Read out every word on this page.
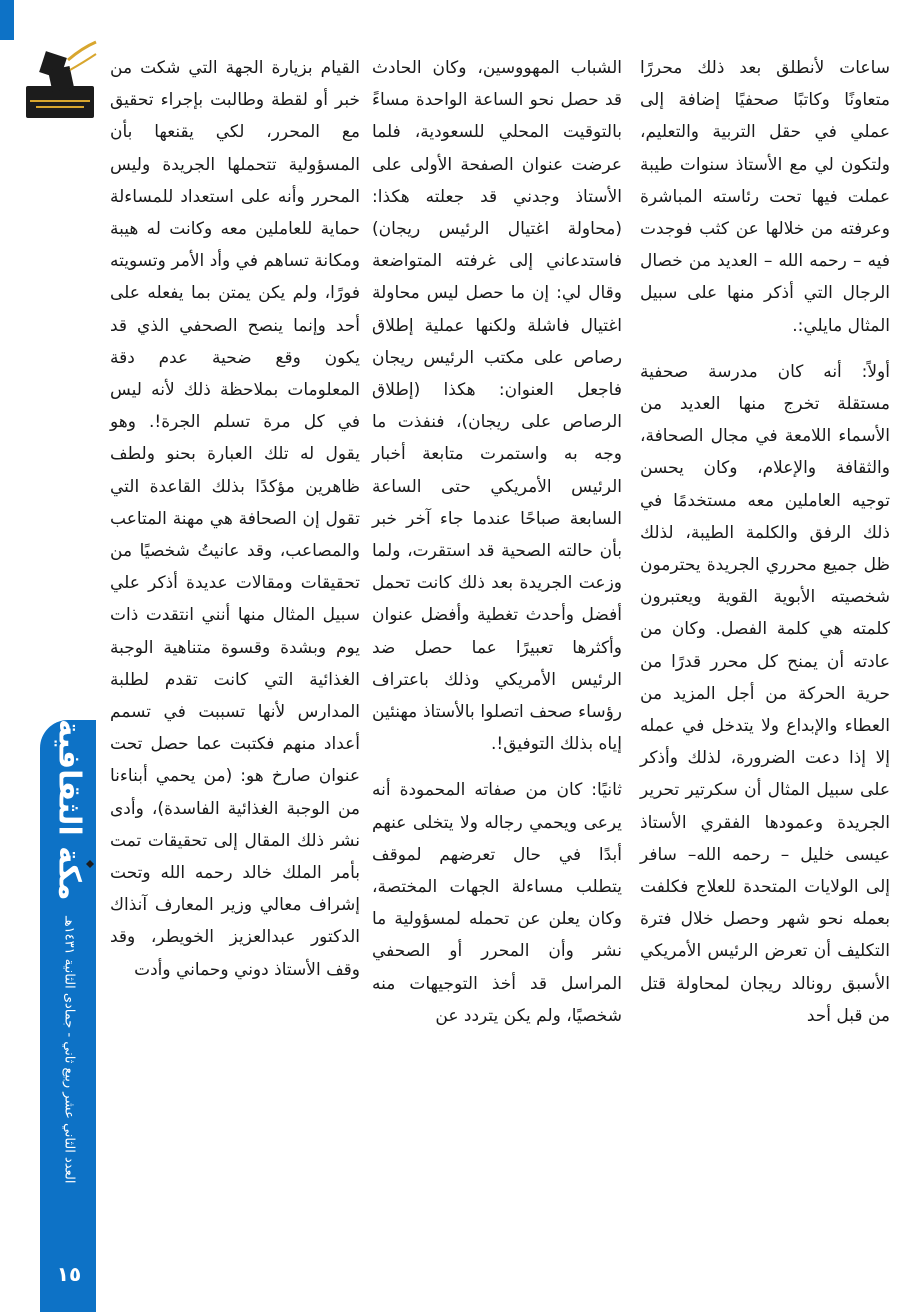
مكة الثقافية
العدد الثاني عشر ربيع ثاني - جمادى الثانية ١٤٣١هـ
١٥

ساعات لأنطلق بعد ذلك محررًا متعاونًا وكاتبًا صحفيًا إضافة إلى عملي في حقل التربية والتعليم، ولتكون لي مع الأستاذ سنوات طيبة عملت فيها تحت رئاسته المباشرة وعرفته من خلالها عن كثب فوجدت فيه – رحمه الله – العديد من خصال الرجال التي أذكر منها على سبيل المثال مايلي:.

أولاً: أنه كان مدرسة صحفية مستقلة تخرج منها العديد من الأسماء اللامعة في مجال الصحافة، والثقافة والإعلام، وكان يحسن توجيه العاملين معه مستخدمًا في ذلك الرفق والكلمة الطيبة، لذلك ظل جميع محرري الجريدة يحترمون شخصيته الأبوية القوية ويعتبرون كلمته هي كلمة الفصل. وكان من عادته أن يمنح كل محرر قدرًا من حرية الحركة من أجل المزيد من العطاء والإبداع ولا يتدخل في عمله إلا إذا دعت الضرورة، لذلك وأذكر على سبيل المثال أن سكرتير تحرير الجريدة وعمودها الفقري الأستاذ عيسى خليل – رحمه الله– سافر إلى الولايات المتحدة للعلاج فكلفت بعمله نحو شهر وحصل خلال فترة التكليف أن تعرض الرئيس الأمريكي الأسبق رونالد ريجان لمحاولة قتل من قبل أحد

الشباب المهووسين، وكان الحادث قد حصل نحو الساعة الواحدة مساءً بالتوقيت المحلي للسعودية، فلما عرضت عنوان الصفحة الأولى على الأستاذ وجدني قد جعلته هكذا: (محاولة اغتيال الرئيس ريجان) فاستدعاني إلى غرفته المتواضعة وقال لي: إن ما حصل ليس محاولة اغتيال فاشلة ولكنها عملية إطلاق رصاص على مكتب الرئيس ريجان فاجعل العنوان: هكذا (إطلاق الرصاص على ريجان)، فنفذت ما وجه به واستمرت متابعة أخبار الرئيس الأمريكي حتى الساعة السابعة صباحًا عندما جاء آخر خبر بأن حالته الصحية قد استقرت، ولما وزعت الجريدة بعد ذلك كانت تحمل أفضل وأحدث تغطية وأفضل عنوان وأكثرها تعبيرًا عما حصل ضد الرئيس الأمريكي وذلك باعتراف رؤساء صحف اتصلوا بالأستاذ مهنئين إياه بذلك التوفيق!.

ثانيًا: كان من صفاته المحمودة أنه يرعى ويحمي رجاله ولا يتخلى عنهم أبدًا في حال تعرضهم لموقف يتطلب مساءلة الجهات المختصة، وكان يعلن عن تحمله لمسؤولية ما نشر وأن المحرر أو الصحفي المراسل قد أخذ التوجيهات منه شخصيًا، ولم يكن يتردد عن

القيام بزيارة الجهة التي شكت من خبر أو لقطة وطالبت بإجراء تحقيق مع المحرر، لكي يقنعها بأن المسؤولية تتحملها الجريدة وليس المحرر وأنه على استعداد للمساءلة حماية للعاملين معه وكانت له هيبة ومكانة تساهم في وأد الأمر وتسويته فورًا، ولم يكن يمتن بما يفعله على أحد وإنما ينصح الصحفي الذي قد يكون وقع ضحية عدم دقة المعلومات بملاحظة ذلك لأنه ليس في كل مرة تسلم الجرة!. وهو يقول له تلك العبارة بحنو ولطف ظاهرين مؤكدًا بذلك القاعدة التي تقول إن الصحافة هي مهنة المتاعب والمصاعب، وقد عانيتُ شخصيًا من تحقيقات ومقالات عديدة أذكر علي سبيل المثال منها أنني انتقدت ذات يوم وبشدة وقسوة متناهية الوجبة الغذائية التي كانت تقدم لطلبة المدارس لأنها تسببت في تسمم أعداد منهم فكتبت عما حصل تحت عنوان صارخ هو: (من يحمي أبناءنا من الوجبة الغذائية الفاسدة)، وأدى نشر ذلك المقال إلى تحقيقات تمت بأمر الملك خالد رحمه الله وتحت إشراف معالي وزير المعارف آنذاك الدكتور عبدالعزيز الخويطر، وقد وقف الأستاذ دوني وحماني وأدت
